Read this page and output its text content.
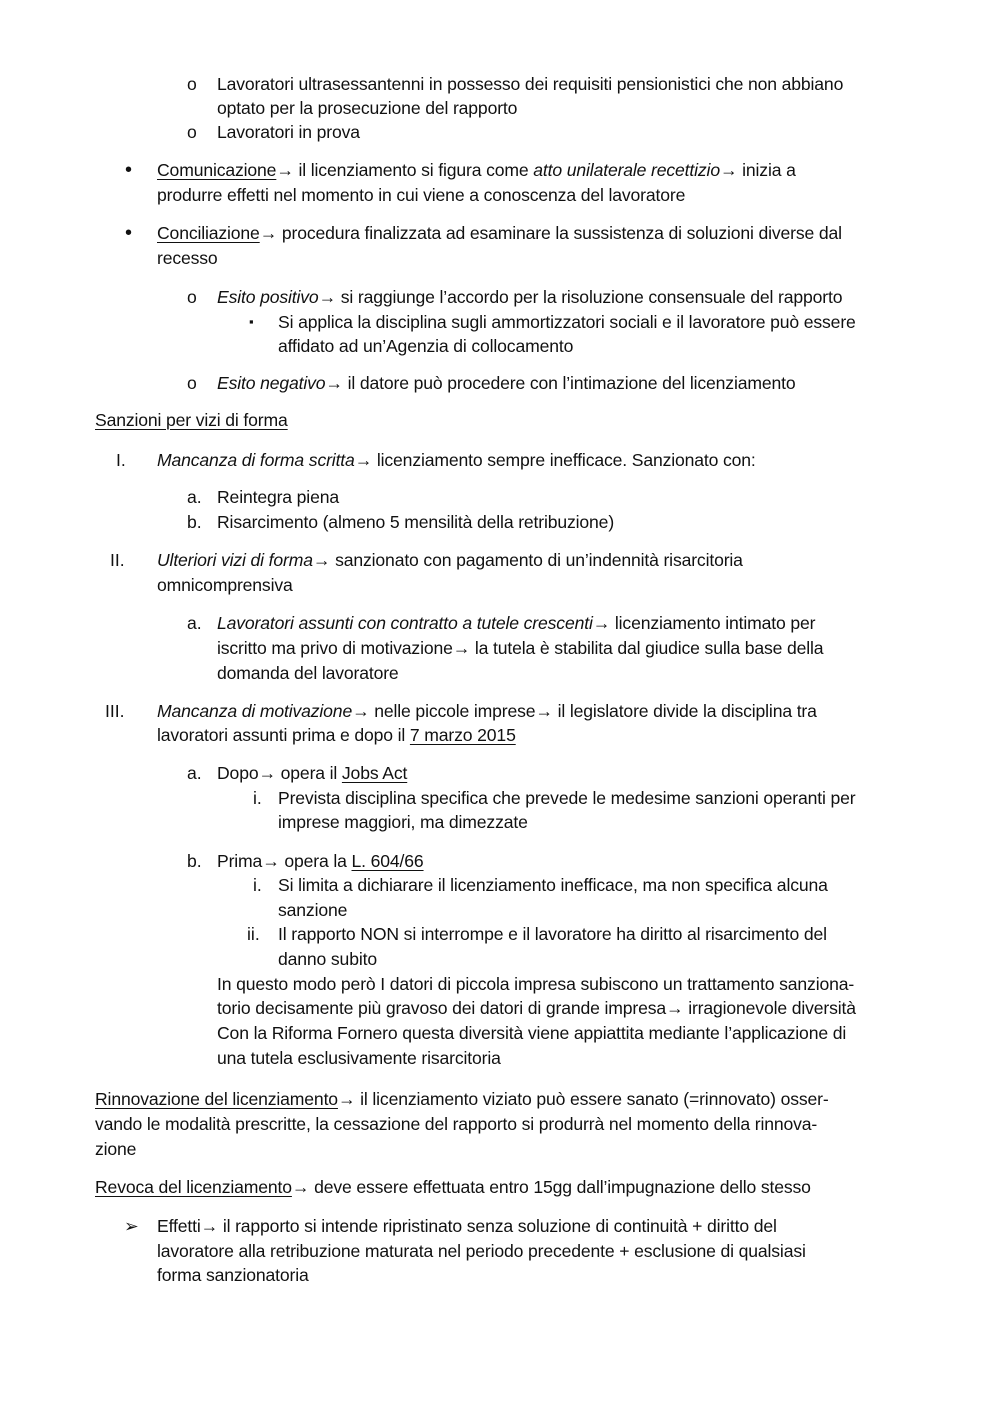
o Lavoratori ultrasessantenni in possesso dei requisiti pensionistici che non abbiano
optato per la prosecuzione del rapporto
o Lavoratori in prova
• Comunicazione→ il licenziamento si figura come atto unilaterale recettizio→ inizia a
produrre effetti nel momento in cui viene a conoscenza del lavoratore
• Conciliazione→ procedura finalizzata ad esaminare la sussistenza di soluzioni diverse dal
recesso
o Esito positivo→ si raggiunge l’accordo per la risoluzione consensuale del rapporto
▪ Si applica la disciplina sugli ammortizzatori sociali e il lavoratore può essere
affidato ad un’Agenzia di collocamento
o Esito negativo→ il datore può procedere con l’intimazione del licenziamento
Sanzioni per vizi di forma
I. Mancanza di forma scritta→ licenziamento sempre inefficace. Sanzionato con:
a. Reintegra piena
b. Risarcimento (almeno 5 mensilità della retribuzione)
II. Ulteriori vizi di forma→ sanzionato con pagamento di un’indennità risarcitoria
omnicomprensiva
a. Lavoratori assunti con contratto a tutele crescenti→ licenziamento intimato per
iscritto ma privo di motivazione→ la tutela è stabilita dal giudice sulla base della
domanda del lavoratore
III. Mancanza di motivazione→ nelle piccole imprese→ il legislatore divide la disciplina tra
lavoratori assunti prima e dopo il 7 marzo 2015
a. Dopo→ opera il Jobs Act
i. Prevista disciplina specifica che prevede le medesime sanzioni operanti per
imprese maggiori, ma dimezzate
b. Prima→ opera la L. 604/66
i. Si limita a dichiarare il licenziamento inefficace, ma non specifica alcuna
sanzione
ii. Il rapporto NON si interrompe e il lavoratore ha diritto al risarcimento del
danno subito
In questo modo però I datori di piccola impresa subiscono un trattamento sanziona-
torio decisamente più gravoso dei datori di grande impresa→ irragionevole diversità
Con la Riforma Fornero questa diversità viene appiattita mediante l’applicazione di
una tutela esclusivamente risarcitoria
Rinnovazione del licenziamento→ il licenziamento viziato può essere sanato (=rinnovato) osser-
vando le modalità prescritte, la cessazione del rapporto si produrrà nel momento della rinnova-
zione
Revoca del licenziamento→ deve essere effettuata entro 15gg dall’impugnazione dello stesso
➢ Effetti→ il rapporto si intende ripristinato senza soluzione di continuità + diritto del
lavoratore alla retribuzione maturata nel periodo precedente + esclusione di qualsiasi
forma sanzionatoria
